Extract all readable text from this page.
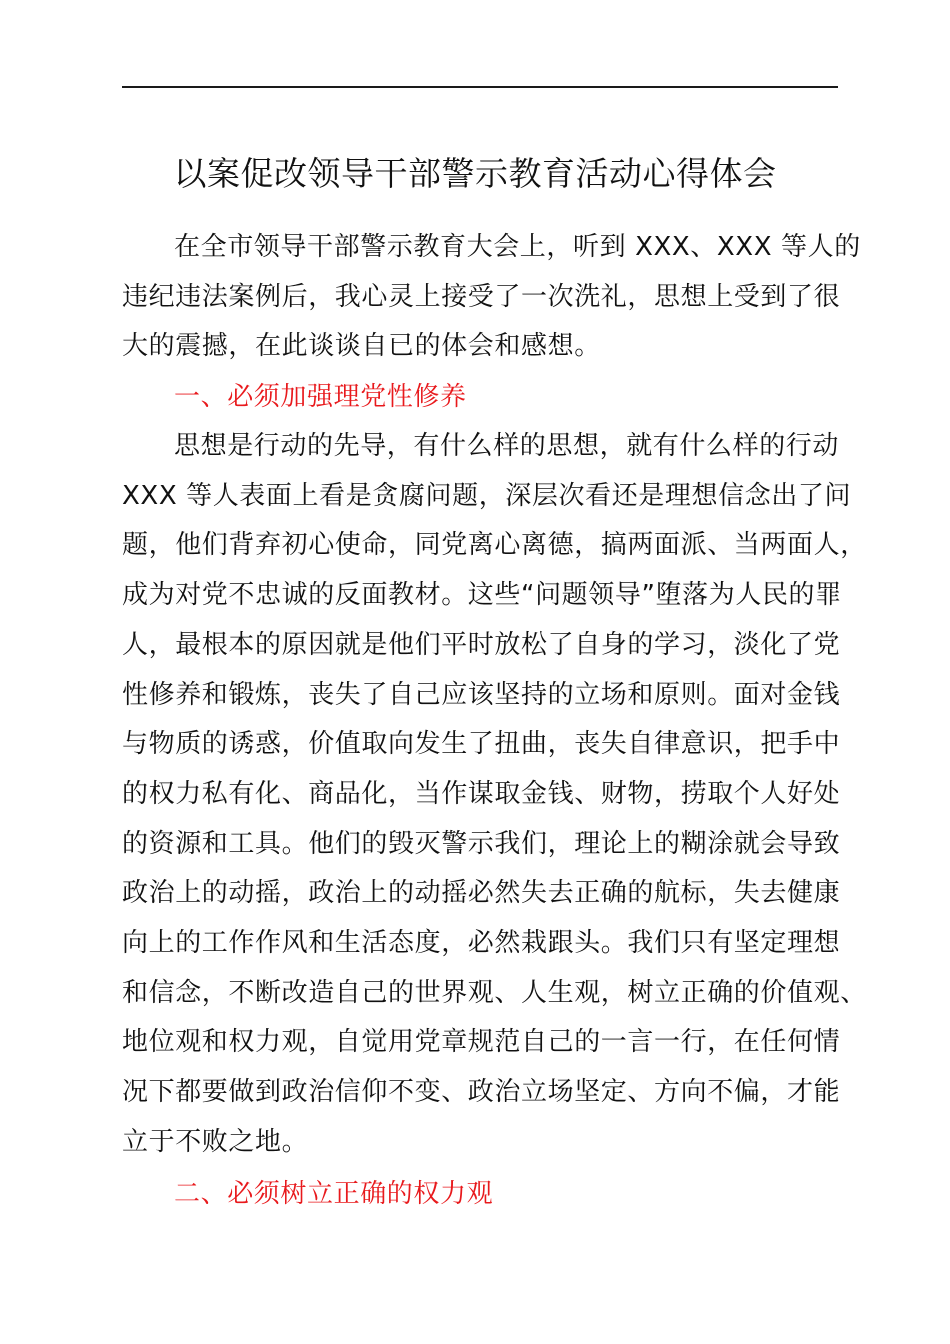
以案促改领导干部警示教育活动心得体会
在全市领导干部警示教育大会上，听到 XXX、XXX 等人的
违纪违法案例后，我心灵上接受了一次洗礼，思想上受到了很
大的震撼，在此谈谈自已的体会和感想。
一、必须加强理党性修养
思想是行动的先导，有什么样的思想，就有什么样的行动
XXX 等人表面上看是贪腐问题，深层次看还是理想信念出了问
题，他们背弃初心使命，同党离心离德，搞两面派、当两面人，
成为对党不忠诚的反面教材。这些“问题领导”堕落为人民的罪
人，最根本的原因就是他们平时放松了自身的学习，淡化了党
性修养和锻炼，丧失了自己应该坚持的立场和原则。面对金钱
与物质的诱惑，价值取向发生了扭曲，丧失自律意识，把手中
的权力私有化、商品化，当作谋取金钱、财物，捞取个人好处
的资源和工具。他们的毁灭警示我们，理论上的糊涂就会导致
政治上的动摇，政治上的动摇必然失去正确的航标，失去健康
向上的工作作风和生活态度，必然栽跟头。我们只有坚定理想
和信念，不断改造自己的世界观、人生观，树立正确的价值观、
地位观和权力观，自觉用党章规范自己的一言一行，在任何情
况下都要做到政治信仰不变、政治立场坚定、方向不偏，才能
立于不败之地。
二、必须树立正确的权力观
